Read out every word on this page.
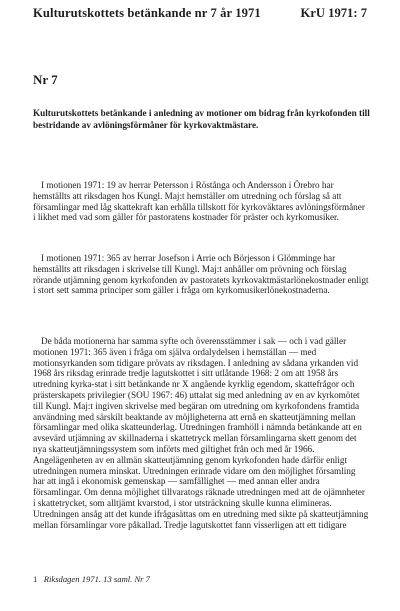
Kulturutskottets betänkande nr 7 år 1971	KrU 1971: 7
Nr 7
Kulturutskottets betänkande i anledning av motioner om bidrag från kyrkofonden till bestridande av avlöningsförmåner för kyrkovaktmästare.

I motionen 1971: 19 av herrar Petersson i Röstånga och Andersson i Örebro har hemställts att riksdagen hos Kungl. Maj:t hemställer om utredning och förslag så att församlingar med låg skattekraft kan erhålla tillskott för kyrkoväktares avlöningsförmåner i likhet med vad som gäller för pastoratens kostnader för präster och kyrkomusiker.

I motionen 1971: 365 av herrar Josefson i Arrie och Börjesson i Glömminge har hemställts att riksdagen i skrivelse till Kungl. Maj:t anhåller om prövning och förslag rörande utjämning genom kyrkofonden av pastoratets kyrkovaktmästarlönekostnader enligt i stort sett samma principer som gäller i fråga om kyrkomusikerlönekostnaderna.

De båda motionerna har samma syfte och överensstämmer i sak — och i vad gäller motionen 1971: 365 även i fråga om själva ordalydelsen i hemställan — med motionsyrkanden som tidigare prövats av riksdagen. I anledning av sådana yrkanden vid 1968 års riksdag erinrade tredje lagutskottet i sitt utlåtande 1968: 2 om att 1958 års utredning kyrka-stat i sitt betänkande nr X angående kyrklig egendom, skattefrågor och prästerskapets privilegier (SOU 1967: 46) uttalat sig med anledning av en av kyrkomötet till Kungl. Maj:t ingiven skrivelse med begäran om utredning om kyrkofondens framtida användning med särskilt beaktande av möjligheterna att ernå en skatteutjämning mellan församlingar med olika skatteunderlag. Utredningen framhöll i nämnda betänkande att en avsevärd utjämning av skillnaderna i skattetryck mellan församlingarna skett genom det nya skatteutjämningssystem som införts med giltighet från och med år 1966. Angelägenheten av en allmän skatteutjämning genom kyrkofonden hade därför enligt utredningen numera minskat. Utredningen erinrade vidare om den möjlighet församling har att ingå i ekonomisk gemenskap — samfällighet — med annan eller andra församlingar. Om denna möjlighet tillvaratogs räknade utredningen med att de ojämnheter i skattetrycket, som alltjämt kvarstod, i stor utsträckning skulle kunna elimineras. Utredningen ansåg att det kunde ifrågasättas om en utredning med sikte på skatteutjämning mellan församlingar vore påkallad. Tredje lagutskottet fann visserligen att ett tidigare

1 Riksdagen 1971. 13 saml. Nr 7
